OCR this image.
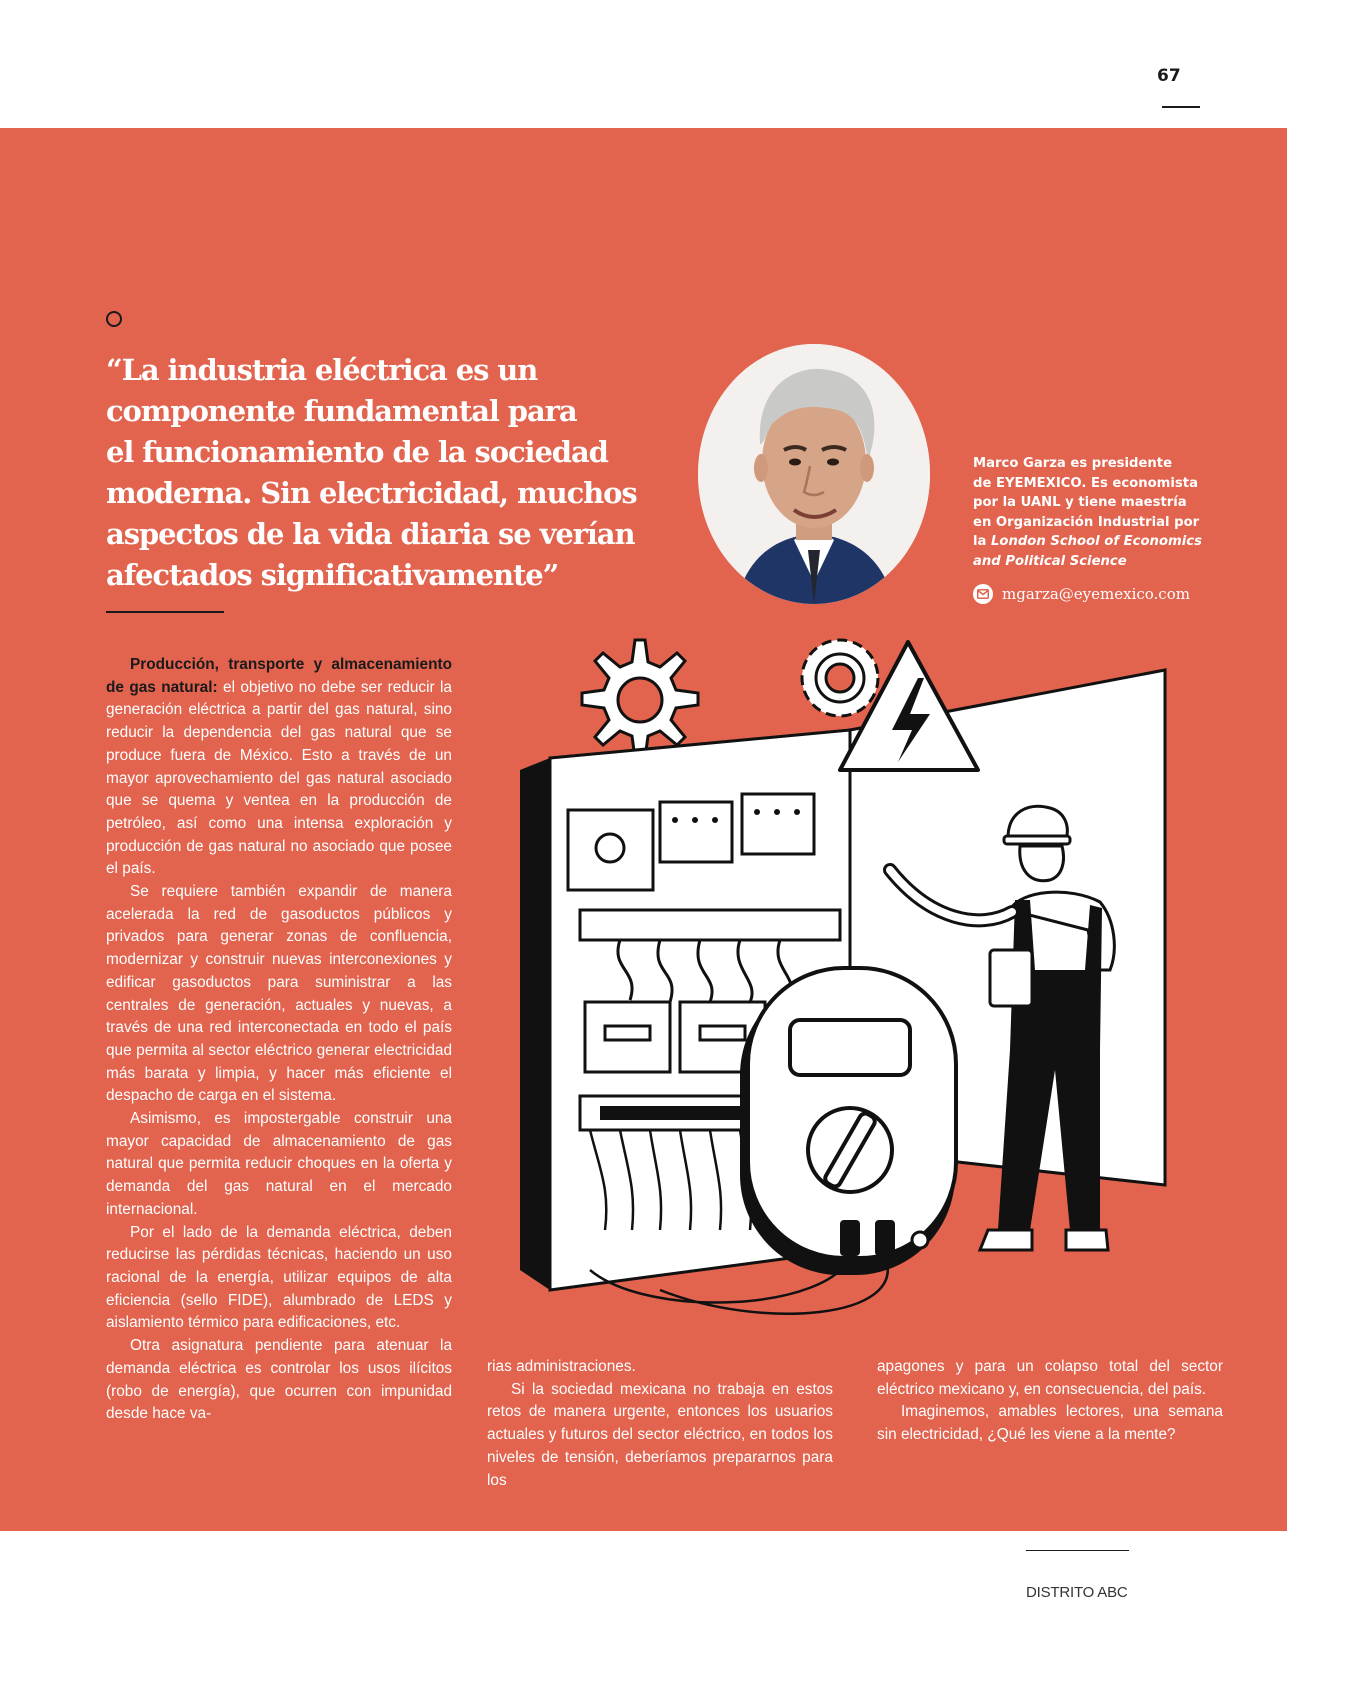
67
“La industria eléctrica es un
componente fundamental para
el funcionamiento de la sociedad
moderna. Sin electricidad, muchos
aspectos de la vida diaria se verían
afectados significativamente”
Marco Garza es presidente
de EYEMEXICO. Es economista
por la UANL y tiene maestría
en Organización Industrial por
la London School of Economics
and Political Science
mgarza@eyemexico.com

Producción, transporte y almacenamiento de gas natural: el objetivo no debe ser reducir la generación eléctrica a partir del gas natural, sino reducir la dependencia del gas natural que se produce fuera de México. Esto a través de un mayor aprovechamiento del gas natural asociado que se quema y ventea en la producción de petróleo, así como una intensa exploración y producción de gas natural no asociado que posee el país.

Se requiere también expandir de manera acelerada la red de gasoductos públicos y privados para generar zonas de confluencia, modernizar y construir nuevas interconexiones y edificar gasoductos para suministrar a las centrales de generación, actuales y nuevas, a través de una red interconectada en todo el país que permita al sector eléctrico generar electricidad más barata y limpia, y hacer más eficiente el despacho de carga en el sistema.

Asimismo, es impostergable construir una mayor capacidad de almacenamiento de gas natural que permita reducir choques en la oferta y demanda del gas natural en el mercado internacional.

Por el lado de la demanda eléctrica, deben reducirse las pérdidas técnicas, haciendo un uso racional de la energía, utilizar equipos de alta eficiencia (sello FIDE), alumbrado de LEDS y aislamiento térmico para edificaciones, etc.

Otra asignatura pendiente para atenuar la demanda eléctrica es controlar los usos ilícitos (robo de energía), que ocurren con impunidad desde hace va-

rias administraciones.

Si la sociedad mexicana no trabaja en estos retos de manera urgente, entonces los usuarios actuales y futuros del sector eléctrico, en todos los niveles de tensión, deberíamos prepararnos para los

apagones y para un colapso total del sector eléctrico mexicano y, en consecuencia, del país.

Imaginemos, amables lectores, una semana sin electricidad, ¿Qué les viene a la mente?

DISTRITO ABC
